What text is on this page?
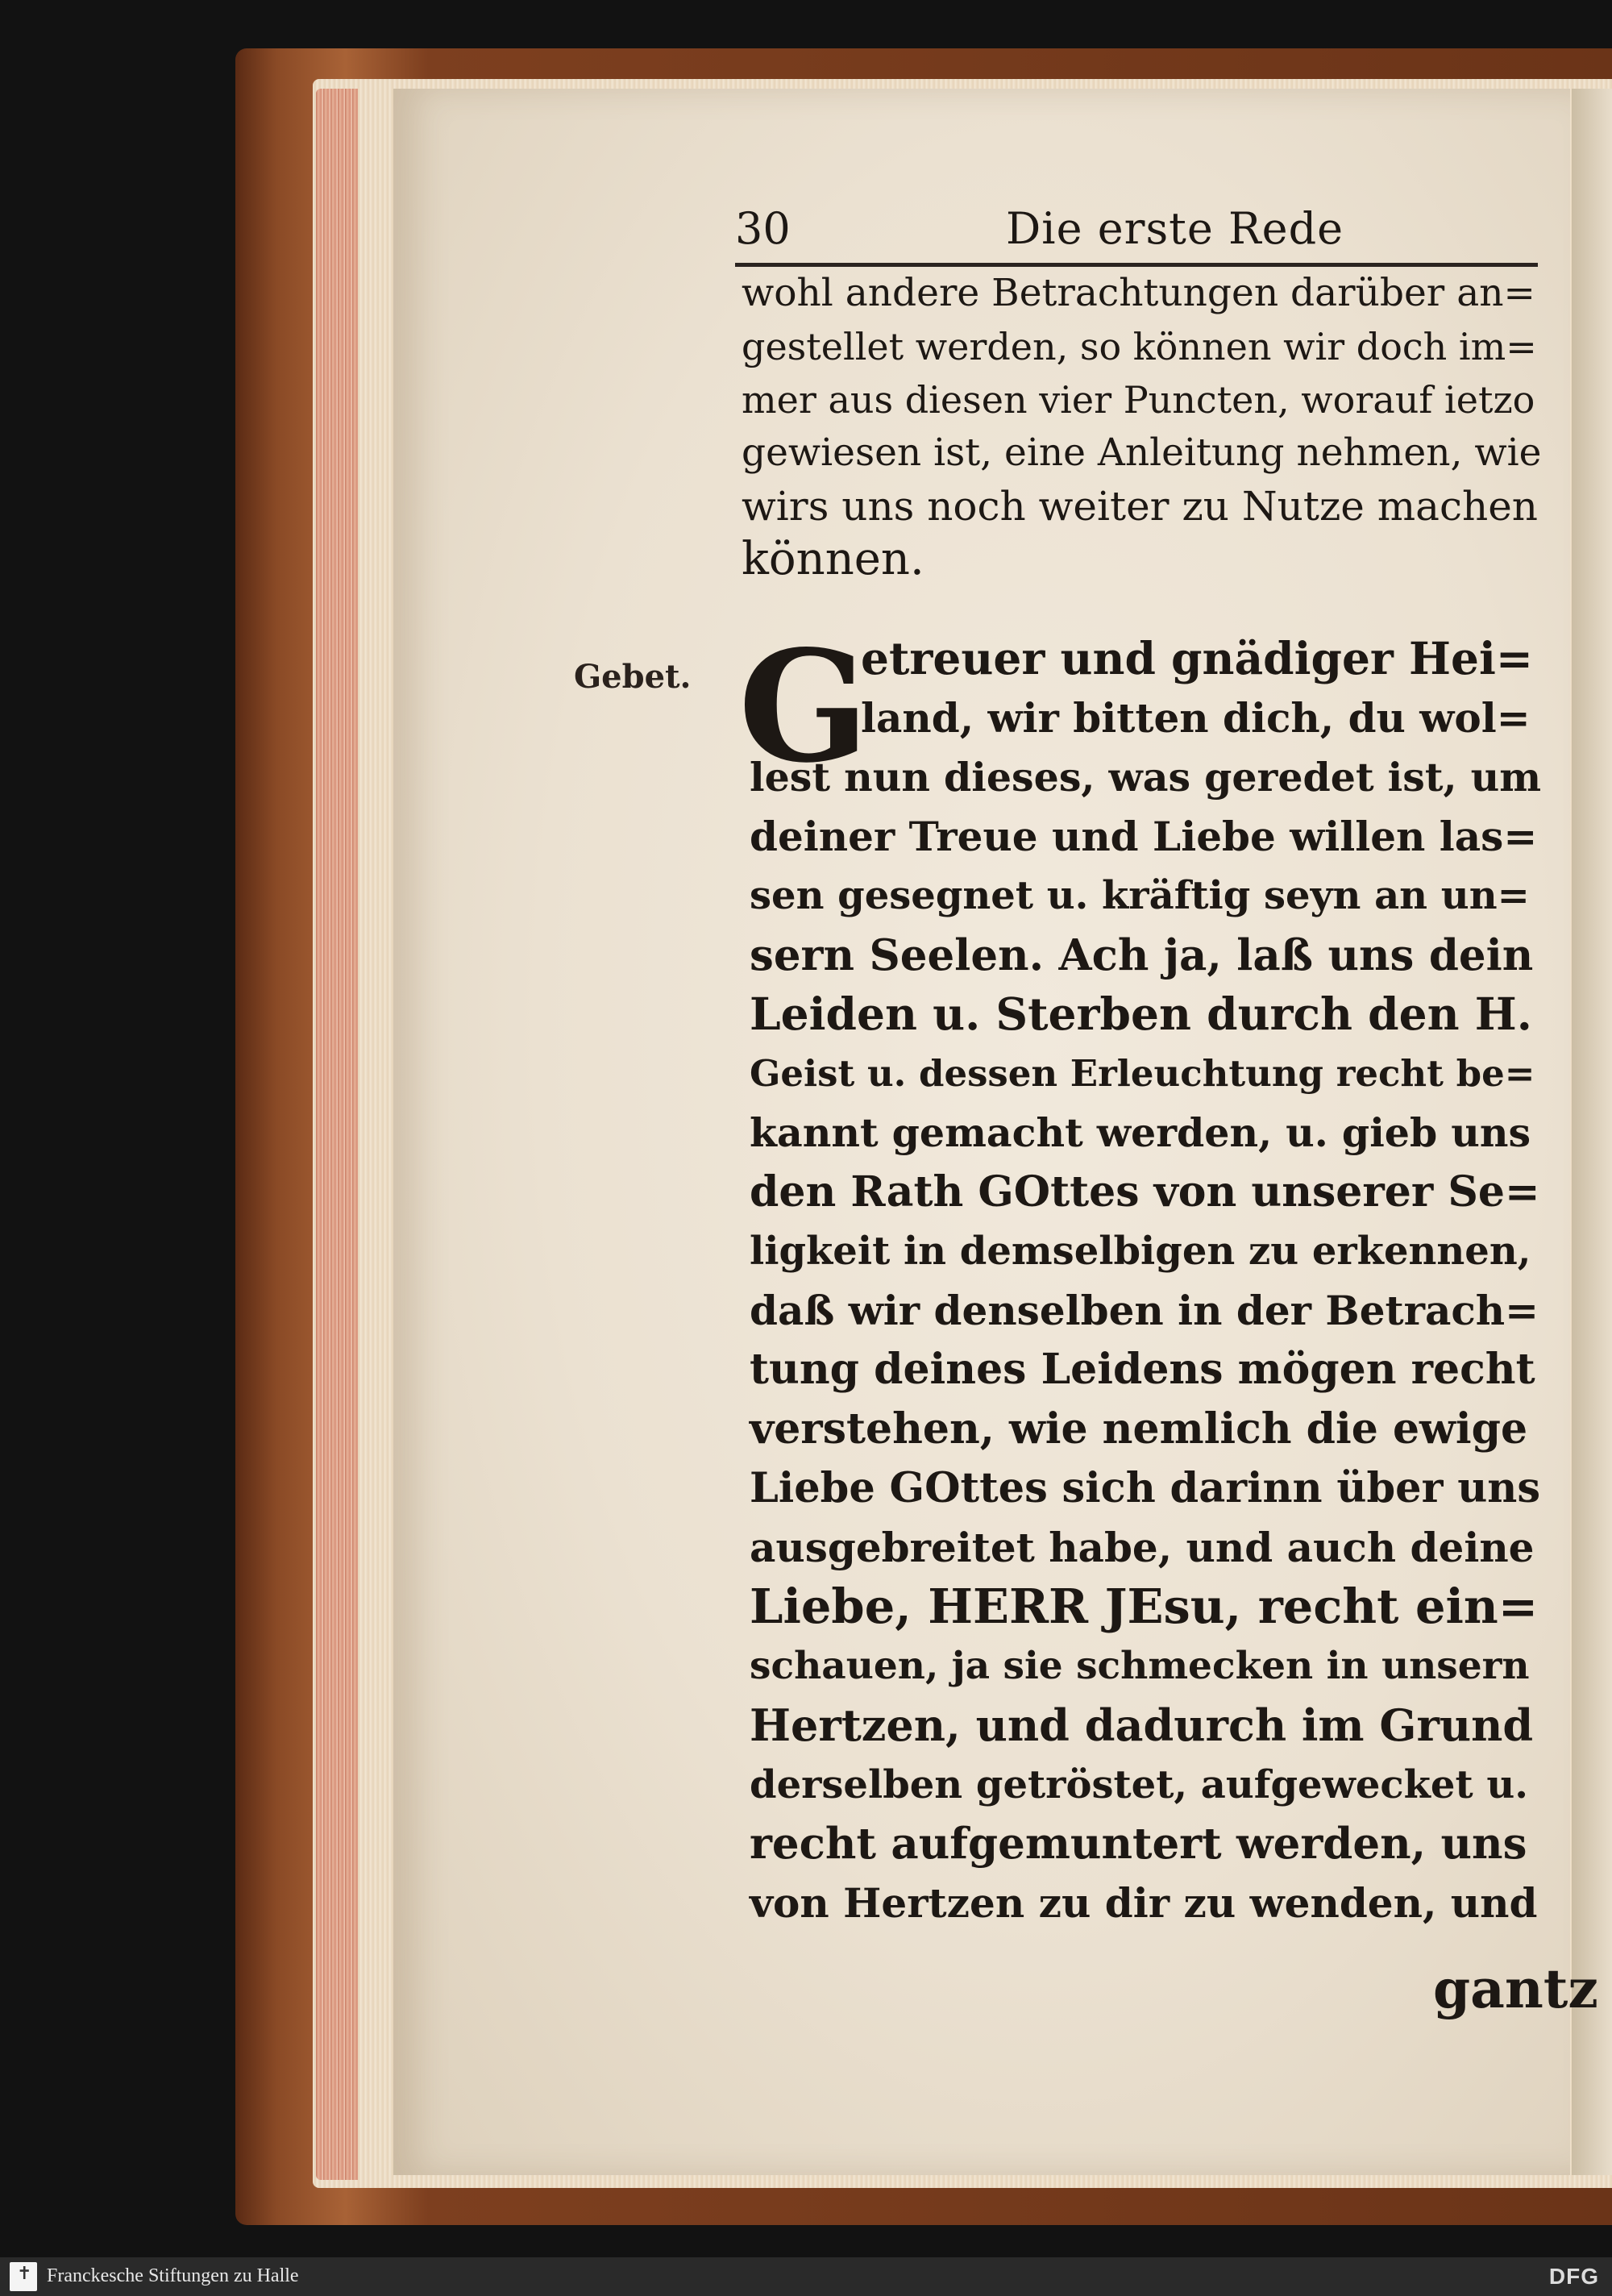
30	Die erste Rede
wohl andere Betrachtungen darüber an=
gestellet werden, so können wir doch im=
mer aus diesen vier Puncten, worauf ietzo
gewiesen ist, eine Anleitung nehmen, wie
wirs uns noch weiter zu Nutze machen
können.
Gebet. G
etreuer und gnädiger Hei=
land, wir bitten dich, du wol=
lest nun dieses, was geredet ist, um
deiner Treue und Liebe willen las=
sen gesegnet u. kräftig seyn an un=
sern Seelen. Ach ja, laß uns dein
Leiden u. Sterben durch den H.
Geist u. dessen Erleuchtung recht be=
kannt gemacht werden, u. gieb uns
den Rath GOttes von unserer Se=
ligkeit in demselbigen zu erkennen,
daß wir denselben in der Betrach=
tung deines Leidens mögen recht
verstehen, wie nemlich die ewige
Liebe GOttes sich darinn über uns
ausgebreitet habe, und auch deine
Liebe, HERR JEsu, recht ein=
schauen, ja sie schmecken in unsern
Hertzen, und dadurch im Grund
derselben getröstet, aufgewecket u.
recht aufgemuntert werden, uns
von Hertzen zu dir zu wenden, und
gantz
✝
Franckesche Stiftungen zu Halle	DFG
